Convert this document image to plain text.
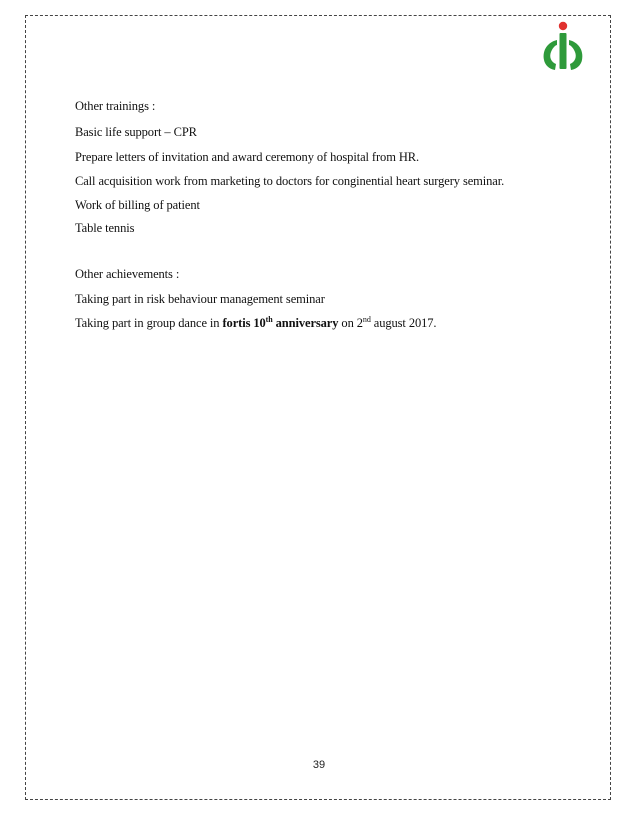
Other trainings :
Basic life support – CPR
Prepare letters of invitation and award ceremony of hospital from HR.
Call acquisition work from marketing to doctors for conginential heart surgery seminar.
Work of billing of patient
Table tennis
Other achievements :
Taking part in risk behaviour management seminar
Taking part in group dance in fortis 10th anniversary on 2nd august 2017.
39
